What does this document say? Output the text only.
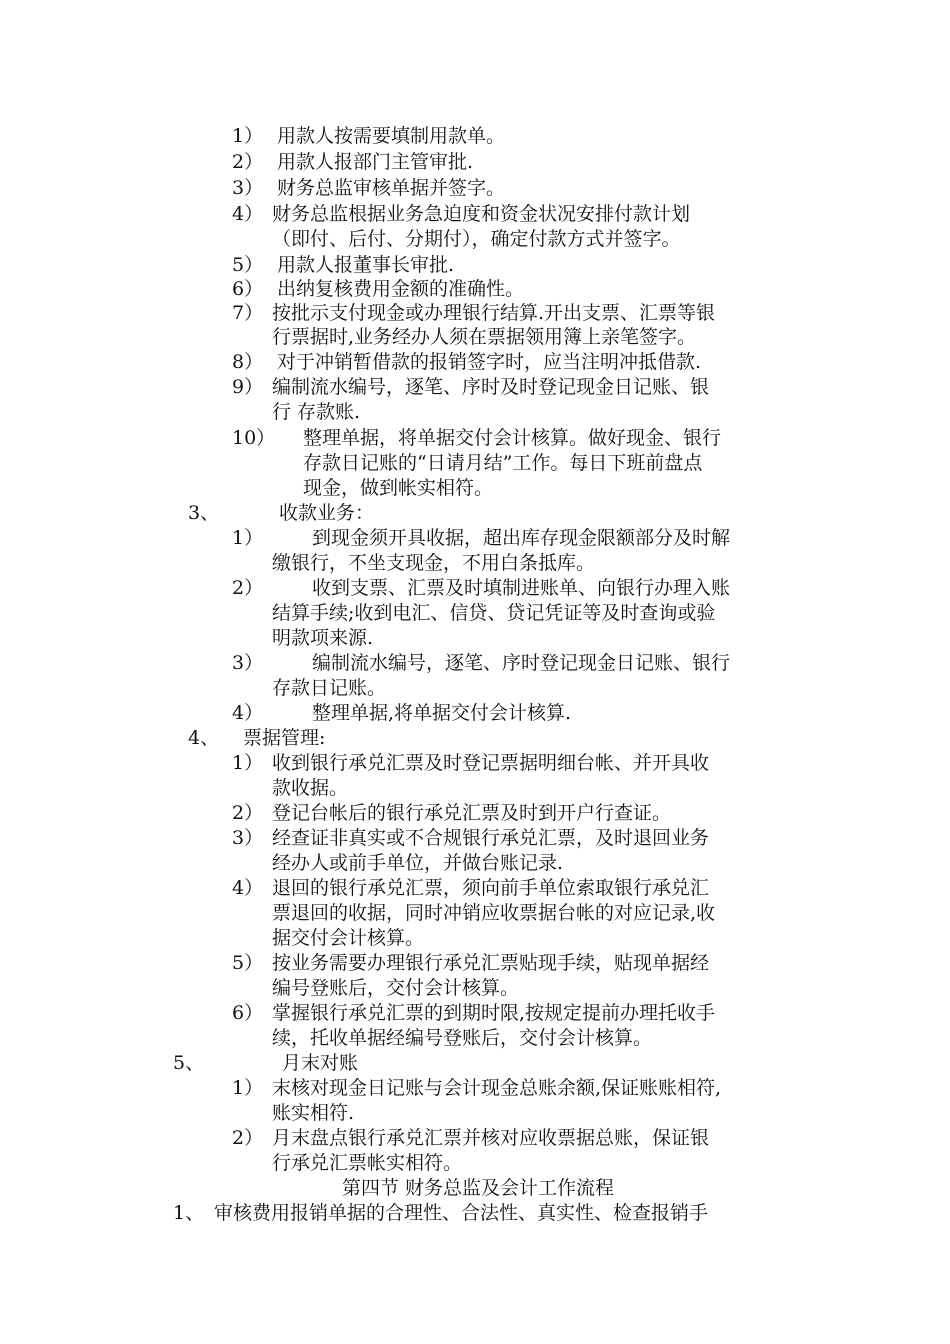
1） 用款人按需要填制用款单。
2） 用款人报部门主管审批.
3） 财务总监审核单据并签字。
4） 财务总监根据业务急迫度和资金状况安排付款计划
（即付、后付、分期付），确定付款方式并签字。
5） 用款人报董事长审批.
6） 出纳复核费用金额的准确性。
7） 按批示支付现金或办理银行结算.开出支票、汇票等银
行票据时,业务经办人须在票据领用簿上亲笔签字。
8） 对于冲销暂借款的报销签字时，应当注明冲抵借款.
9） 编制流水编号，逐笔、序时及时登记现金日记账、银
行 存款账.
10） 整理单据，将单据交付会计核算。做好现金、银行
存款日记账的“日请月结”工作。每日下班前盘点
现金，做到帐实相符。
3、	收款业务：
1）	到现金须开具收据，超出库存现金限额部分及时解
缴银行，不坐支现金，不用白条抵库。
2）	收到支票、汇票及时填制进账单、向银行办理入账
结算手续;收到电汇、信贷、贷记凭证等及时查询或验
明款项来源.
3）	编制流水编号，逐笔、序时登记现金日记账、银行
存款日记账。
4）	整理单据,将单据交付会计核算.
4、 票据管理:
1） 收到银行承兑汇票及时登记票据明细台帐、并开具收
款收据。
2） 登记台帐后的银行承兑汇票及时到开户行查证。
3） 经查证非真实或不合规银行承兑汇票，及时退回业务
经办人或前手单位，并做台账记录.
4） 退回的银行承兑汇票，须向前手单位索取银行承兑汇
票退回的收据，同时冲销应收票据台帐的对应记录,收
据交付会计核算。
5） 按业务需要办理银行承兑汇票贴现手续，贴现单据经
编号登账后，交付会计核算。
6） 掌握银行承兑汇票的到期时限,按规定提前办理托收手
续，托收单据经编号登账后，交付会计核算。
5、	月末对账
1） 末核对现金日记账与会计现金总账余额,保证账账相符,
账实相符.
2） 月末盘点银行承兑汇票并核对应收票据总账，保证银
行承兑汇票帐实相符。
第四节 财务总监及会计工作流程
1、 审核费用报销单据的合理性、合法性、真实性、检查报销手
